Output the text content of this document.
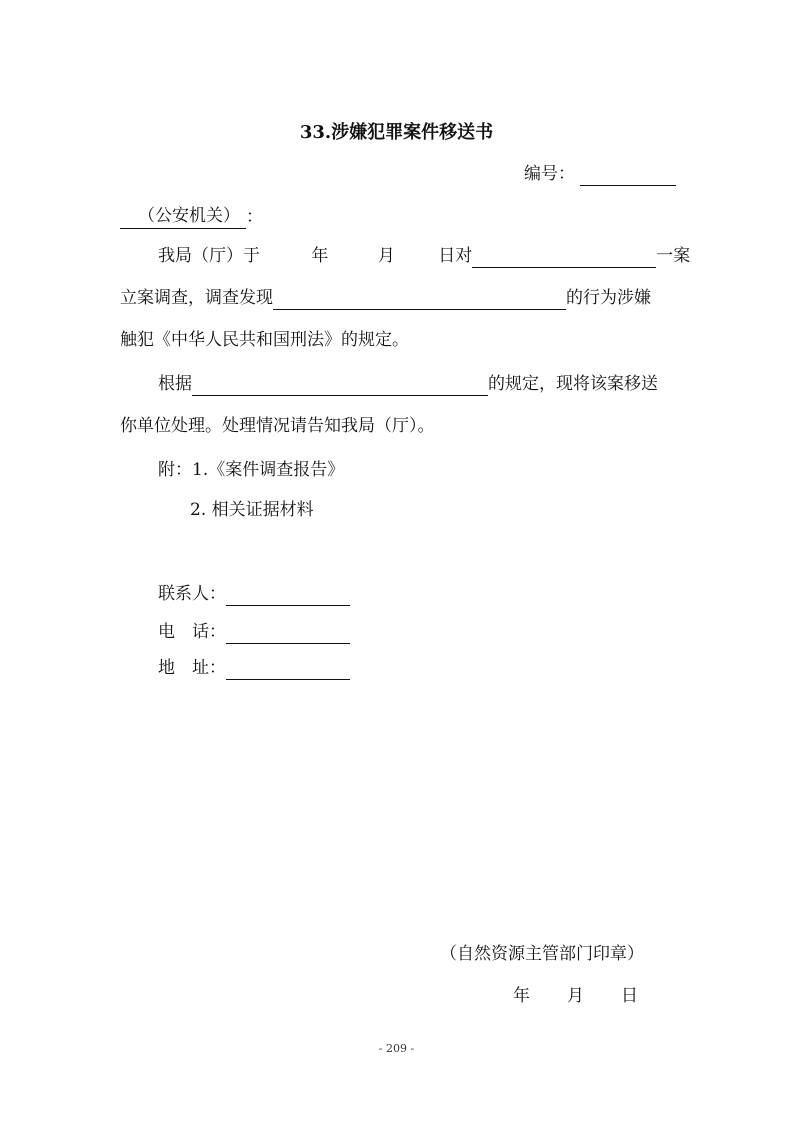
33.涉嫌犯罪案件移送书
编号：
（公安机关） ：
我局（厅）于	年	月	日对	一案
立案调查，调查发现	的行为涉嫌
触犯《中华人民共和国刑法》的规定。
根据	的规定，现将该案移送
你单位处理。处理情况请告知我局（厅）。
附：1.《案件调查报告》
2. 相关证据材料
联系人：
电　话：
地　址：
（自然资源主管部门印章）
年　月　日
- 209 -
